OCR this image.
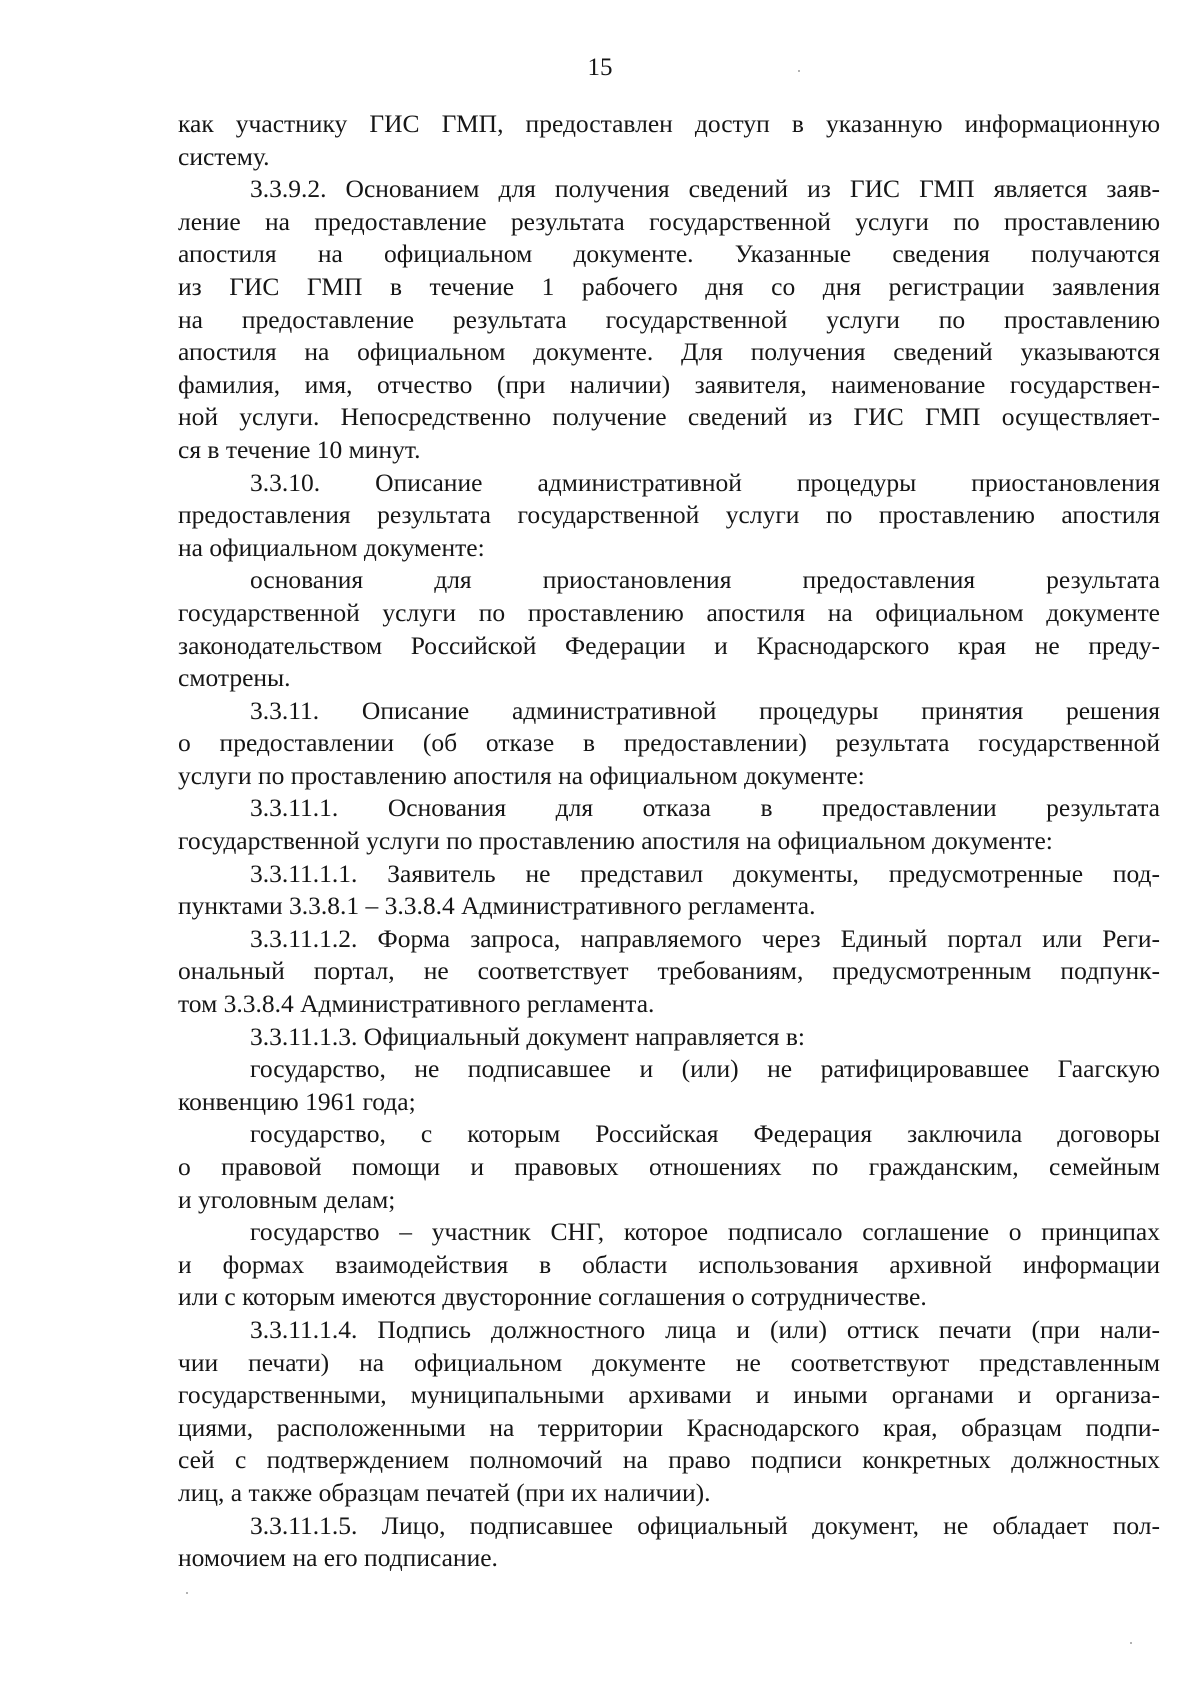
15
как участнику ГИС ГМП, предоставлен доступ в указанную информационную
систему.
3.3.9.2. Основанием для получения сведений из ГИС ГМП является заяв-
ление на предоставление результата государственной услуги по проставлению
апостиля на официальном документе. Указанные сведения получаются
из ГИС ГМП в течение 1 рабочего дня со дня регистрации заявления
на предоставление результата государственной услуги по проставлению
апостиля на официальном документе. Для получения сведений указываются
фамилия, имя, отчество (при наличии) заявителя, наименование государствен-
ной услуги. Непосредственно получение сведений из ГИС ГМП осуществляет-
ся в течение 10 минут.
3.3.10. Описание административной процедуры приостановления
предоставления результата государственной услуги по проставлению апостиля
на официальном документе:
основания для приостановления предоставления результата
государственной услуги по проставлению апостиля на официальном документе
законодательством Российской Федерации и Краснодарского края не преду-
смотрены.
3.3.11. Описание административной процедуры принятия решения
о предоставлении (об отказе в предоставлении) результата государственной
услуги по проставлению апостиля на официальном документе:
3.3.11.1. Основания для отказа в предоставлении результата
государственной услуги по проставлению апостиля на официальном документе:
3.3.11.1.1. Заявитель не представил документы, предусмотренные под-
пунктами 3.3.8.1 – 3.3.8.4 Административного регламента.
3.3.11.1.2. Форма запроса, направляемого через Единый портал или Реги-
ональный портал, не соответствует требованиям, предусмотренным подпунк-
том 3.3.8.4 Административного регламента.
3.3.11.1.3. Официальный документ направляется в:
государство, не подписавшее и (или) не ратифицировавшее Гаагскую
конвенцию 1961 года;
государство, с которым Российская Федерация заключила договоры
о правовой помощи и правовых отношениях по гражданским, семейным
и уголовным делам;
государство – участник СНГ, которое подписало соглашение о принципах
и формах взаимодействия в области использования архивной информации
или с которым имеются двусторонние соглашения о сотрудничестве.
3.3.11.1.4. Подпись должностного лица и (или) оттиск печати (при нали-
чии печати) на официальном документе не соответствуют представленным
государственными, муниципальными архивами и иными органами и организа-
циями, расположенными на территории Краснодарского края, образцам подпи-
сей с подтверждением полномочий на право подписи конкретных должностных
лиц, а также образцам печатей (при их наличии).
3.3.11.1.5. Лицо, подписавшее официальный документ, не обладает пол-
номочием на его подписание.
